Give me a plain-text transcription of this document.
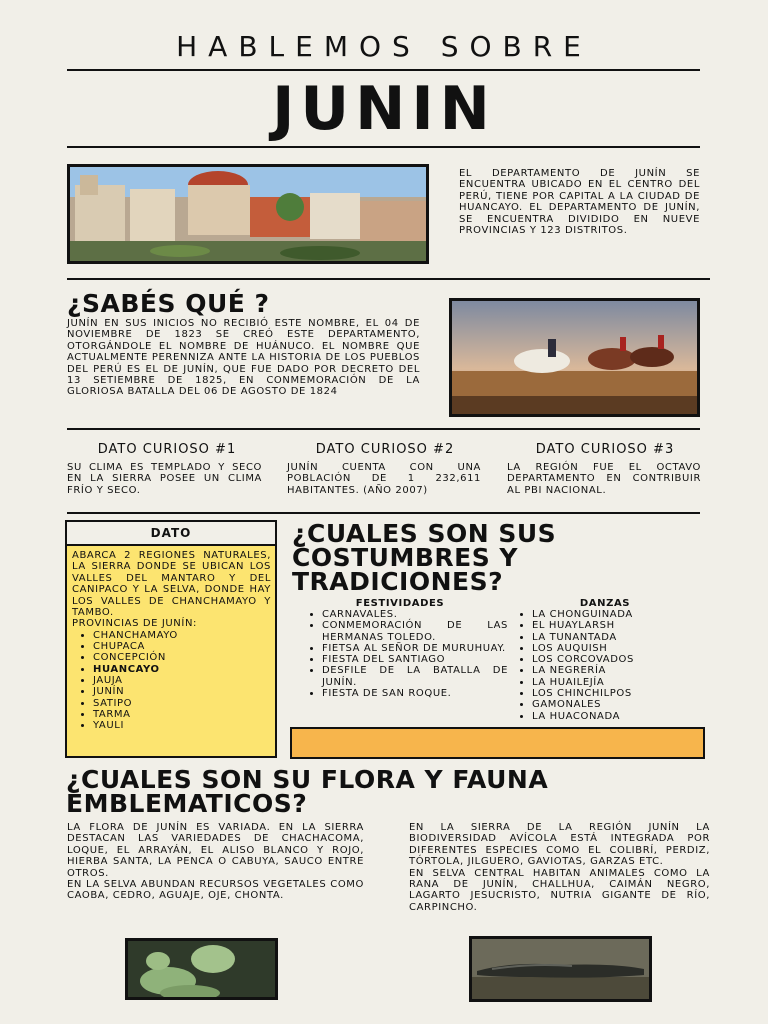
HABLEMOS SOBRE
JUNIN
EL DEPARTAMENTO DE JUNÍN SE ENCUENTRA UBICADO EN EL CENTRO DEL PERÚ, TIENE POR CAPITAL A LA CIUDAD DE HUANCAYO. EL DEPARTAMENTO DE JUNÍN, SE ENCUENTRA DIVIDIDO EN NUEVE PROVINCIAS Y 123 DISTRITOS.
¿SABÉS QUÉ ?
JUNÍN EN SUS INICIOS NO RECIBIÓ ESTE NOMBRE, EL 04 DE NOVIEMBRE DE 1823 SE CREÓ ESTE DEPARTAMENTO, OTORGÁNDOLE EL NOMBRE DE HUÁNUCO. EL NOMBRE QUE ACTUALMENTE PERENNIZA ANTE LA HISTORIA DE LOS PUEBLOS DEL PERÚ ES EL DE JUNÍN, QUE FUE DADO POR DECRETO DEL 13 SETIEMBRE DE 1825, EN CONMEMORACIÓN DE LA GLORIOSA BATALLA DEL 06 DE AGOSTO DE 1824
DATO CURIOSO #1
SU CLIMA ES TEMPLADO Y SECO EN LA SIERRA POSEE UN CLIMA FRÍO Y SECO.
DATO CURIOSO #2
JUNÍN CUENTA CON UNA POBLACIÓN DE 1 232,611 HABITANTES. (AÑO 2007)
DATO CURIOSO #3
LA REGIÓN FUE EL OCTAVO DEPARTAMENTO EN CONTRIBUIR AL PBI NACIONAL.
DATO
ABARCA 2 REGIONES NATURALES, LA SIERRA DONDE SE UBICAN LOS VALLES DEL MANTARO Y DEL CANIPACO Y LA SELVA, DONDE HAY LOS VALLES DE CHANCHAMAYO Y TAMBO.
PROVINCIAS DE JUNÍN:
• CHANCHAMAYO
• CHUPACA
• CONCEPCIÓN
• HUANCAYO
• JAUJA
• JUNÍN
• SATIPO
• TARMA
• YAULI
¿CUALES SON SUS COSTUMBRES Y TRADICIONES?
FESTIVIDADES
• CARNAVALES.
• CONMEMORACIÓN DE LAS HERMANAS TOLEDO.
• FIETSA AL SEÑOR DE MURUHUAY.
• FIESTA DEL SANTIAGO
• DESFILE DE LA BATALLA DE JUNÍN.
• FIESTA DE SAN ROQUE.
DANZAS
• LA CHONGUINADA
• EL HUAYLARSH
• LA TUNANTADA
• LOS AUQUISH
• LOS CORCOVADOS
• LA NEGRERÍA
• LA HUAILEJÍA
• LOS CHINCHILPOS
• GAMONALES
• LA HUACONADA
¿CUALES SON SU FLORA Y FAUNA EMBLEMATICOS?
LA FLORA DE JUNÍN ES VARIADA. EN LA SIERRA DESTACAN LAS VARIEDADES DE CHACHACOMA, LOQUE, EL ARRAYÁN, EL ALISO BLANCO Y ROJO, HIERBA SANTA, LA PENCA O CABUYA, SAUCO ENTRE OTROS.
EN LA SELVA ABUNDAN RECURSOS VEGETALES COMO CAOBA, CEDRO, AGUAJE, OJE, CHONTA.
EN LA SIERRA DE LA REGIÓN JUNÍN LA BIODIVERSIDAD AVÍCOLA ESTÁ INTEGRADA POR DIFERENTES ESPECIES COMO EL COLIBRÍ, PERDIZ, TÓRTOLA, JILGUERO, GAVIOTAS, GARZAS ETC.
EN SELVA CENTRAL HABITAN ANIMALES COMO LA RANA DE JUNÍN, CHALLHUA, CAIMÁN NEGRO, LAGARTO JESUCRISTO, NUTRIA GIGANTE DE RÍO, CARPINCHO.
